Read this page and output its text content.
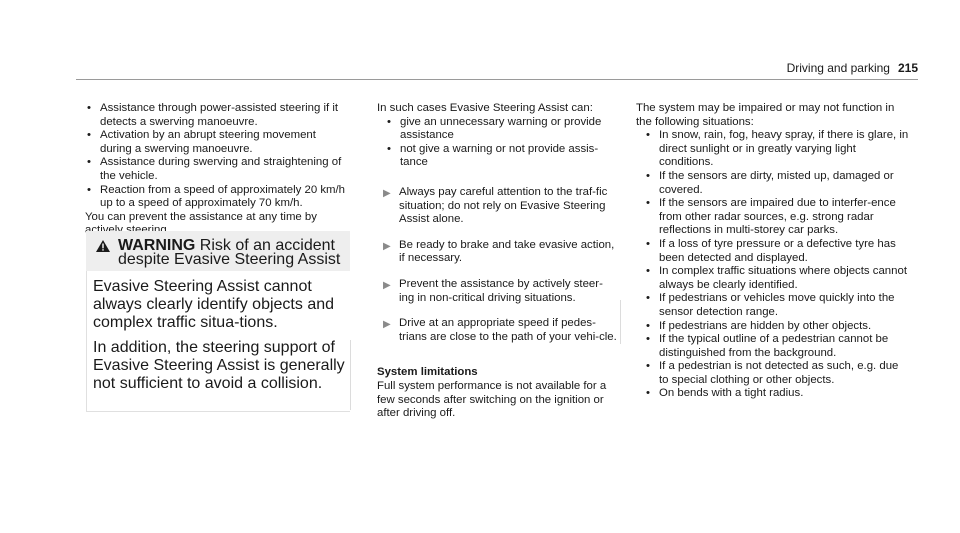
Driving and parking 215
• Assistance through power-assisted steering if it detects a swerving manoeuvre.
• Activation by an abrupt steering movement during a swerving manoeuvre.
• Assistance during swerving and straightening of the vehicle.
• Reaction from a speed of approximately 20 km/h up to a speed of approximately 70 km/h.

You can prevent the assistance at any time by

WARNING Risk of an accident despite Evasive Steering Assist

Evasive Steering Assist cannot always clearly identify objects and complex traffic situa-tions.

In addition, the steering support of Evasive Steering Assist is generally not sufficient to avoid a collision.

In such cases Evasive Steering Assist can:

• give an unnecessary warning or provide assistance
• not give a warning or not provide assis-tance
▶ Always pay careful attention to the traf-fic situation; do not rely on Evasive Steering Assist alone.
▶ Be ready to brake and take evasive action, if necessary.
▶ Prevent the assistance by actively steer-ing in non-critical driving situations.
▶ Drive at an appropriate speed if pedes-trians are close to the path of your vehi-cle.

System limitations

Full system performance is not available for a few seconds after switching on the ignition or after driving off.

The system may be impaired or may not function in the following situations:

• In snow, rain, fog, heavy spray, if there is glare, in direct sunlight or in greatly varying light conditions.
• If the sensors are dirty, misted up, damaged or covered.
• If the sensors are impaired due to interfer-ence from other radar sources, e.g. strong radar reflections in multi-storey car parks.
• If a loss of tyre pressure or a defective tyre has been detected and displayed.
• In complex traffic situations where objects cannot always be clearly identified.
• If pedestrians or vehicles move quickly into the sensor detection range.
• If pedestrians are hidden by other objects.
• If the typical outline of a pedestrian cannot be distinguished from the background.
• If a pedestrian is not detected as such, e.g. due to special clothing or other objects.
• On bends with a tight radius.
